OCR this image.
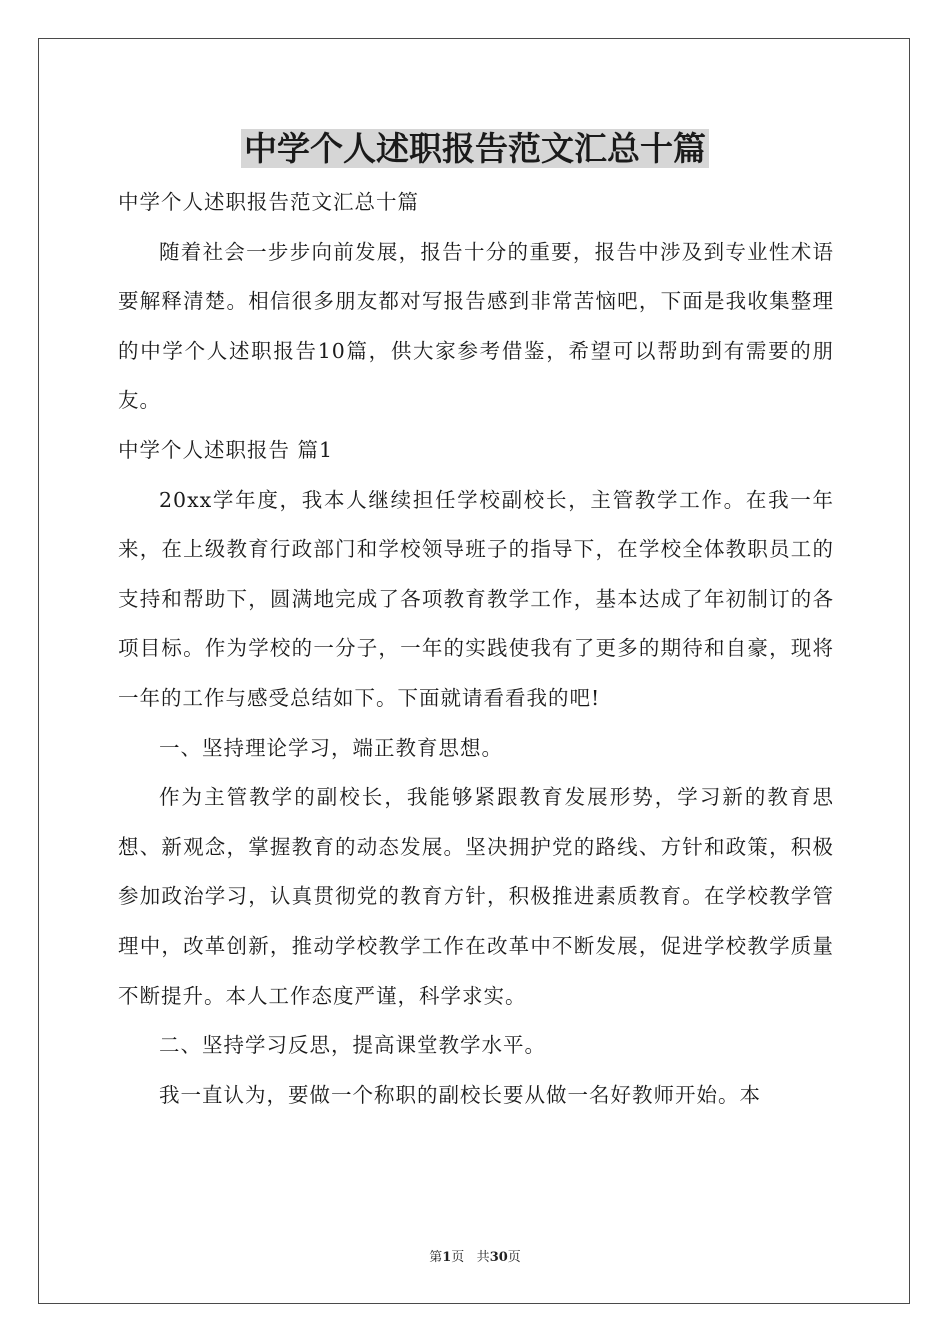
中学个人述职报告范文汇总十篇

中学个人述职报告范文汇总十篇

随着社会一步步向前发展，报告十分的重要，报告中涉及到专业性术语要解释清楚。相信很多朋友都对写报告感到非常苦恼吧，下面是我收集整理的中学个人述职报告10篇，供大家参考借鉴，希望可以帮助到有需要的朋友。

中学个人述职报告 篇1

20xx学年度，我本人继续担任学校副校长，主管教学工作。在我一年来，在上级教育行政部门和学校领导班子的指导下，在学校全体教职员工的支持和帮助下，圆满地完成了各项教育教学工作，基本达成了年初制订的各项目标。作为学校的一分子，一年的实践使我有了更多的期待和自豪，现将一年的工作与感受总结如下。下面就请看看我的吧!

一、坚持理论学习，端正教育思想。

作为主管教学的副校长，我能够紧跟教育发展形势，学习新的教育思想、新观念，掌握教育的动态发展。坚决拥护党的路线、方针和政策，积极参加政治学习，认真贯彻党的教育方针，积极推进素质教育。在学校教学管理中，改革创新，推动学校教学工作在改革中不断发展，促进学校教学质量不断提升。本人工作态度严谨，科学求实。

二、坚持学习反思，提高课堂教学水平。

我一直认为，要做一个称职的副校长要从做一名好教师开始。本

第1页 共30页
